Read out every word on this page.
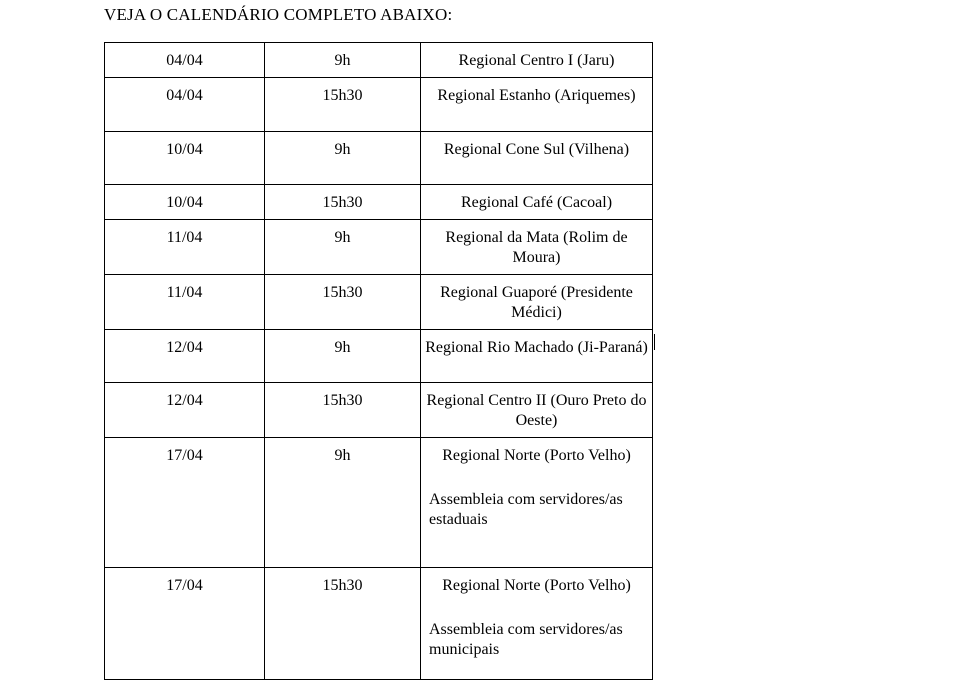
VEJA O CALENDÁRIO COMPLETO ABAIXO:
04/04	9h	Regional Centro I (Jaru)

04/04	15h30	Regional Estanho (Ariquemes)

10/04	9h	Regional Cone Sul (Vilhena)

10/04	15h30	Regional Café (Cacoal)

11/04	9h	Regional da Mata (Rolim de Moura)

11/04	15h30	Regional Guaporé (Presidente Médici)

12/04	9h	Regional Rio Machado (Ji-Paraná)

12/04	15h30	Regional Centro II (Ouro Preto do Oeste)

17/04	9h	Regional Norte (Porto Velho)
Assembleia com servidores/as estaduais

17/04	15h30	Regional Norte (Porto Velho)
Assembleia com servidores/as municipais
